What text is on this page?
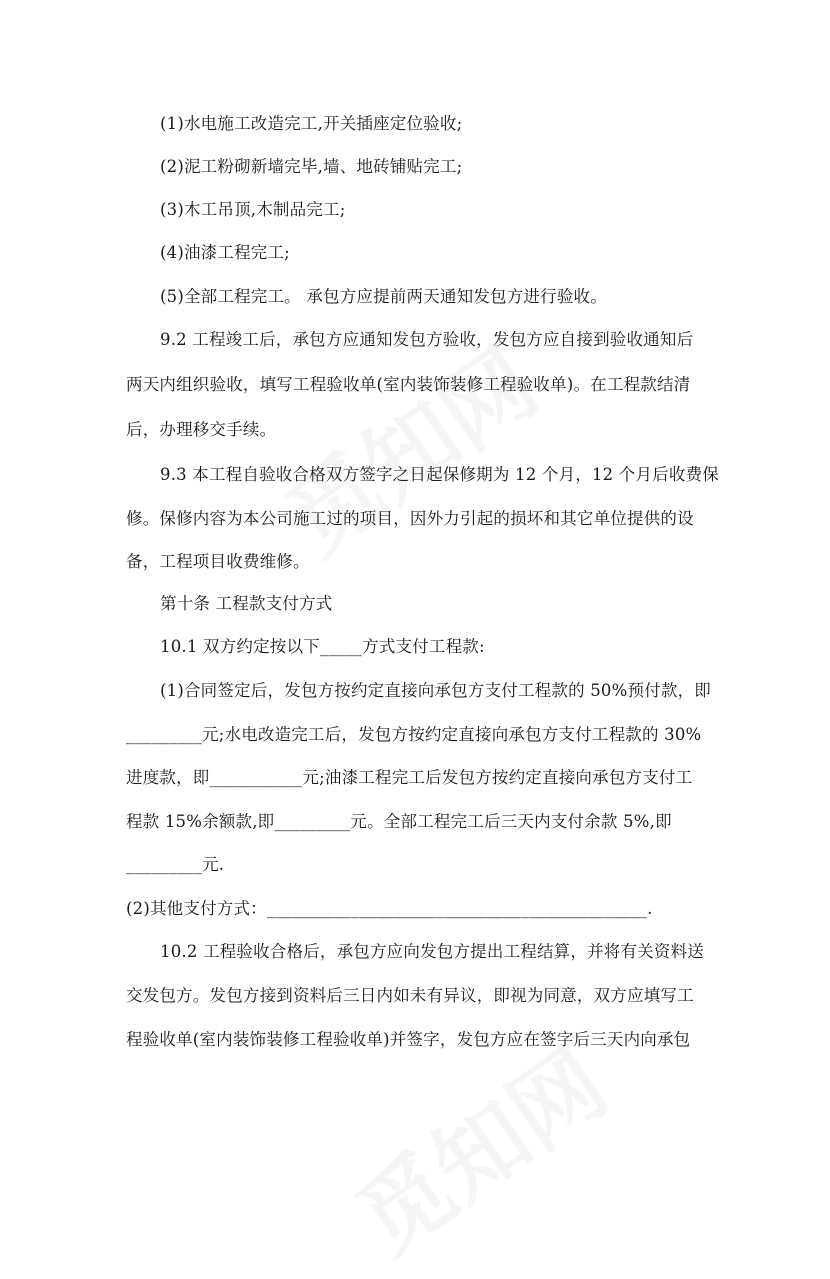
(1)水电施工改造完工,开关插座定位验收;
(2)泥工粉砌新墙完毕,墙、地砖铺贴完工;
(3)木工吊顶,木制品完工;
(4)油漆工程完工;
(5)全部工程完工。 承包方应提前两天通知发包方进行验收。
9.2 工程竣工后，承包方应通知发包方验收，发包方应自接到验收通知后
两天内组织验收，填写工程验收单(室内装饰装修工程验收单)。在工程款结清
后，办理移交手续。
9.3 本工程自验收合格双方签字之日起保修期为 12 个月，12 个月后收费保
修。保修内容为本公司施工过的项目，因外力引起的损坏和其它单位提供的设
备，工程项目收费维修。
第十条 工程款支付方式
10.1 双方约定按以下_____方式支付工程款:
(1)合同签定后，发包方按约定直接向承包方支付工程款的 50%预付款，即
_________元;水电改造完工后，发包方按约定直接向承包方支付工程款的 30%
进度款，即___________元;油漆工程完工后发包方按约定直接向承包方支付工
程款 15%余额款,即_________元。全部工程完工后三天内支付余款 5%,即
_________元.
(2)其他支付方式：_____________________________________________.
10.2 工程验收合格后，承包方应向发包方提出工程结算，并将有关资料送
交发包方。发包方接到资料后三日内如未有异议，即视为同意，双方应填写工
程验收单(室内装饰装修工程验收单)并签字，发包方应在签字后三天内向承包
